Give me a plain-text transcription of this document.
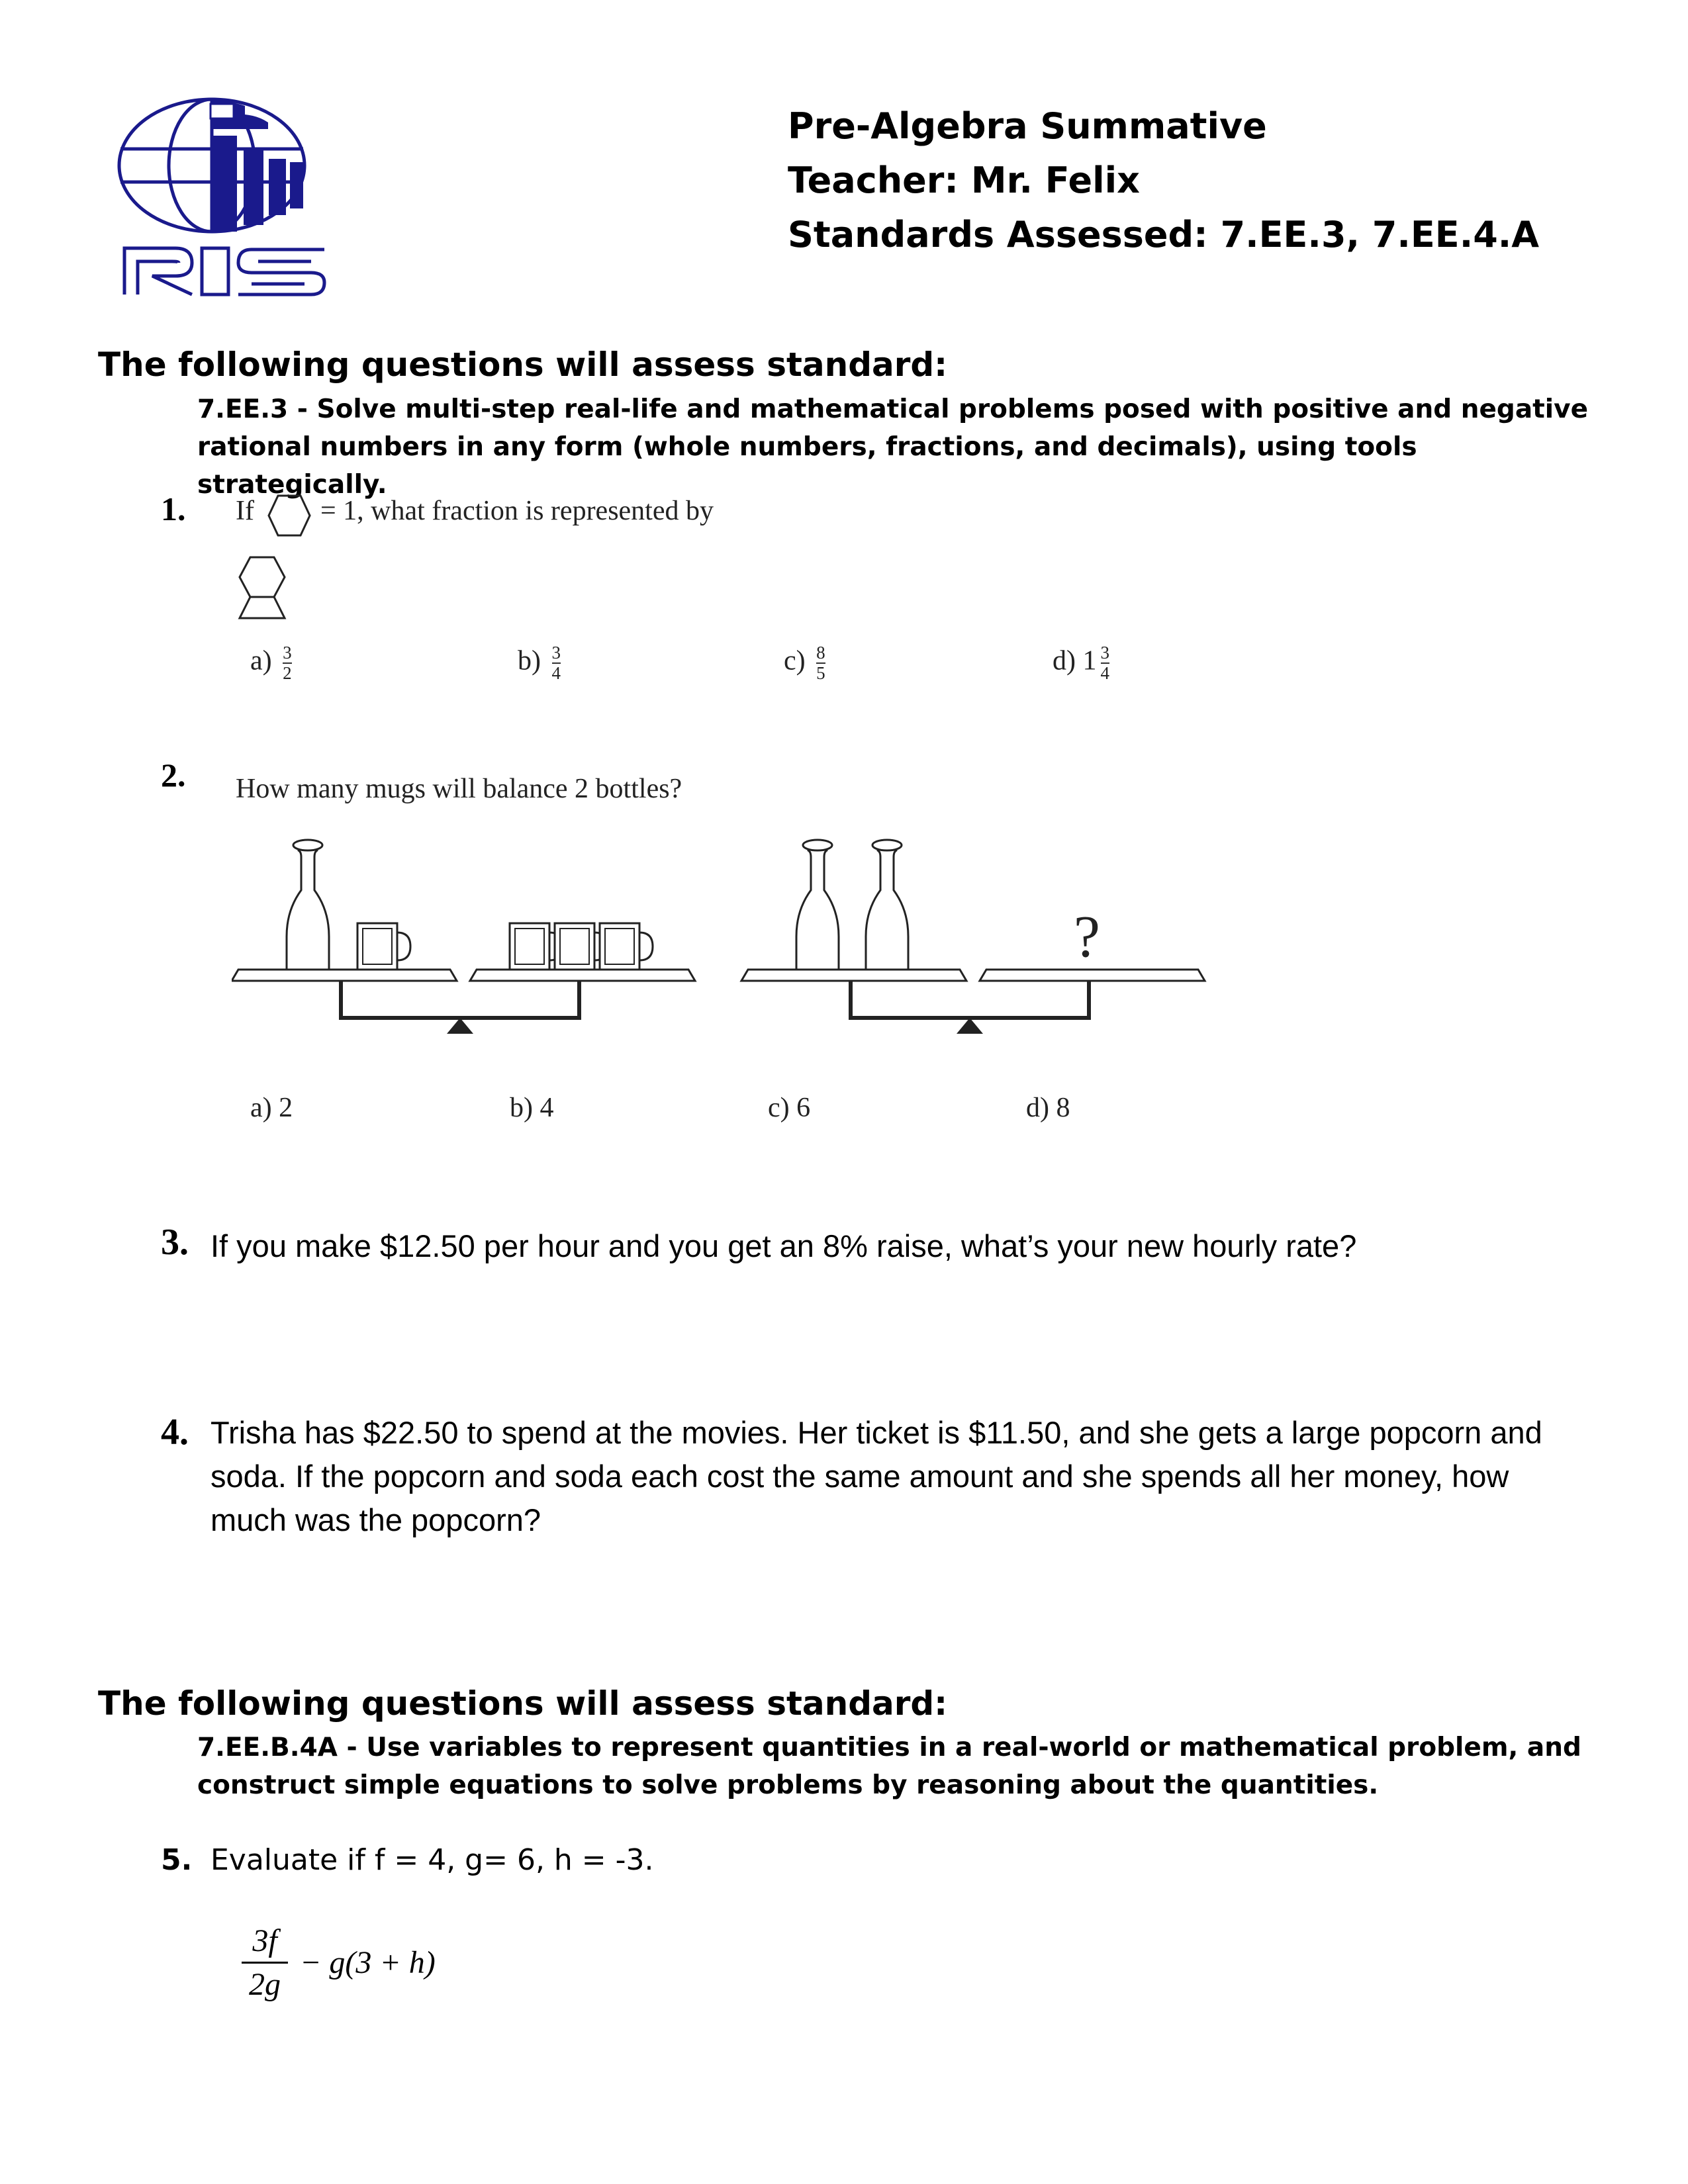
Pre-Algebra Summative
Teacher: Mr. Felix
Standards Assessed: 7.EE.3, 7.EE.4.A
The following questions will assess standard:
7.EE.3 - Solve multi-step real-life and mathematical problems posed with positive and negative rational numbers in any form (whole numbers, fractions, and decimals), using tools strategically.
1. If = 1, what fraction is represented by
$a) \frac{3}{2}$	$b) \frac{3}{4}$	$c) \frac{8}{5}$	d) $1 \frac{3}{4}$
2. How many mugs will balance 2 bottles?
?
a) 2	b) 4	c) 6	d) 8
3. If you make $12.50 per hour and you get an 8% raise, what’s your new hourly rate?
4. Trisha has $22.50 to spend at the movies. Her ticket is $11.50, and she gets a large popcorn and soda. If the popcorn and soda each cost the same amount and she spends all her money, how much was the popcorn?
The following questions will assess standard:
7.EE.B.4A - Use variables to represent quantities in a real-world or mathematical problem, and construct simple equations to solve problems by reasoning about the quantities.
5. Evaluate if f = 4, g= 6, h = -3.
3f
2g
− g(3 + h)
